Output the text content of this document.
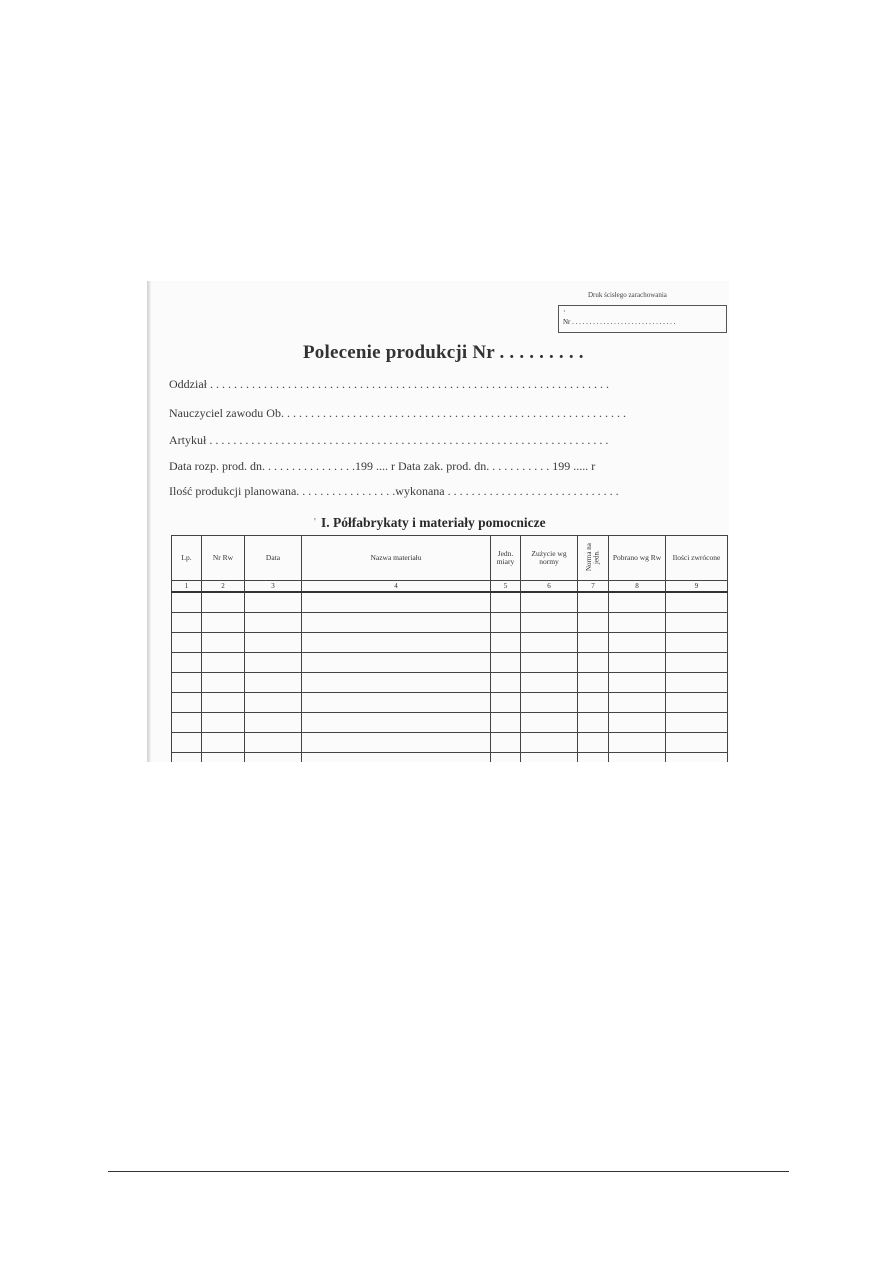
Druk ścisłego zarachowania
·
Nr . . . . . . . . . . . . . . . . . . . . . . . . . . . . . .
Polecenie produkcji Nr . . . . . . . . .
Oddział . . . . . . . . . . . . . . . . . . . . . . . . . . . . . . . . . . . . . . . . . . . . . . . . . . . . . . . . . . . . . . . . . . .
Nauczyciel zawodu Ob. . . . . . . . . . . . . . . . . . . . . . . . . . . . . . . . . . . . . . . . . . . . . . . . . . . . . . . . . .
Artykuł . . . . . . . . . . . . . . . . . . . . . . . . . . . . . . . . . . . . . . . . . . . . . . . . . . . . . . . . . . . . . . . . . . .
Data rozp. prod. dn. . . . . . . . . . . . . . . .199 .... r Data zak. prod. dn. . . . . . . . . . . 199 ..... r
Ilość produkcji planowana. . . . . . . . . . . . . . . . .wykonana . . . . . . . . . . . . . . . . . . . . . . . . . . . . .
' I. Półfabrykaty i materiały pomocnicze
Lp.	Nr Rw	Data	Nazwa materiału	Jedn. miary	Zużycie wg normy	Norma na jedn.	Pobrano wg Rw	Ilości zwrócone
1	2	3	4	5	6	7	8	9
